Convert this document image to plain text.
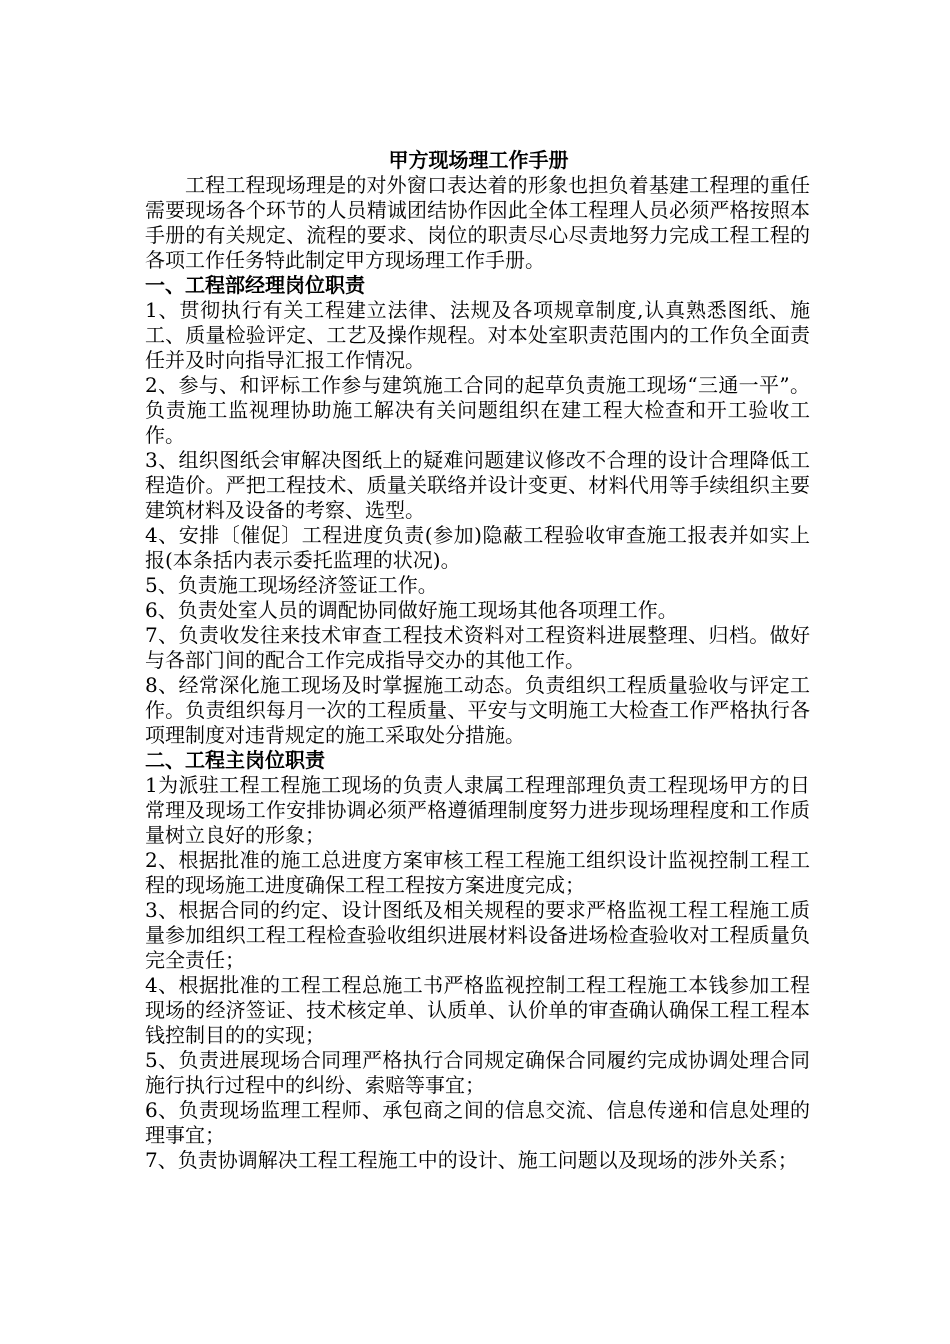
甲方现场理工作手册

工程工程现场理是的对外窗口表达着的形象也担负着基建工程理的重任需要现场各个环节的人员精诚团结协作因此全体工程理人员必须严格按照本手册的有关规定、流程的要求、岗位的职责尽心尽责地努力完成工程工程的各项工作任务特此制定甲方现场理工作手册。

一、工程部经理岗位职责

1、贯彻执行有关工程建立法律、法规及各项规章制度,认真熟悉图纸、施工、质量检验评定、工艺及操作规程。对本处室职责范围内的工作负全面责任并及时向指导汇报工作情况。

2、参与、和评标工作参与建筑施工合同的起草负责施工现场“三通一平”。负责施工监视理协助施工解决有关问题组织在建工程大检查和开工验收工作。

3、组织图纸会审解决图纸上的疑难问题建议修改不合理的设计合理降低工程造价。严把工程技术、质量关联络并设计变更、材料代用等手续组织主要建筑材料及设备的考察、选型。

4、安排〔催促〕工程进度负责(参加)隐蔽工程验收审查施工报表并如实上报(本条括内表示委托监理的状况)。

5、负责施工现场经济签证工作。

6、负责处室人员的调配协同做好施工现场其他各项理工作。

7、负责收发往来技术审查工程技术资料对工程资料进展整理、归档。做好与各部门间的配合工作完成指导交办的其他工作。

8、经常深化施工现场及时掌握施工动态。负责组织工程质量验收与评定工作。负责组织每月一次的工程质量、平安与文明施工大检查工作严格执行各项理制度对违背规定的施工采取处分措施。

二、工程主岗位职责

1为派驻工程工程施工现场的负责人隶属工程理部理负责工程现场甲方的日常理及现场工作安排协调必须严格遵循理制度努力进步现场理程度和工作质量树立良好的形象；

2、根据批准的施工总进度方案审核工程工程施工组织设计监视控制工程工程的现场施工进度确保工程工程按方案进度完成；

3、根据合同的约定、设计图纸及相关规程的要求严格监视工程工程施工质量参加组织工程工程检查验收组织进展材料设备进场检查验收对工程质量负完全责任；

4、根据批准的工程工程总施工书严格监视控制工程工程施工本钱参加工程现场的经济签证、技术核定单、认质单、认价单的审查确认确保工程工程本钱控制目的的实现；

5、负责进展现场合同理严格执行合同规定确保合同履约完成协调处理合同施行执行过程中的纠纷、索赔等事宜；

6、负责现场监理工程师、承包商之间的信息交流、信息传递和信息处理的理事宜；

7、负责协调解决工程工程施工中的设计、施工问题以及现场的涉外关系；
